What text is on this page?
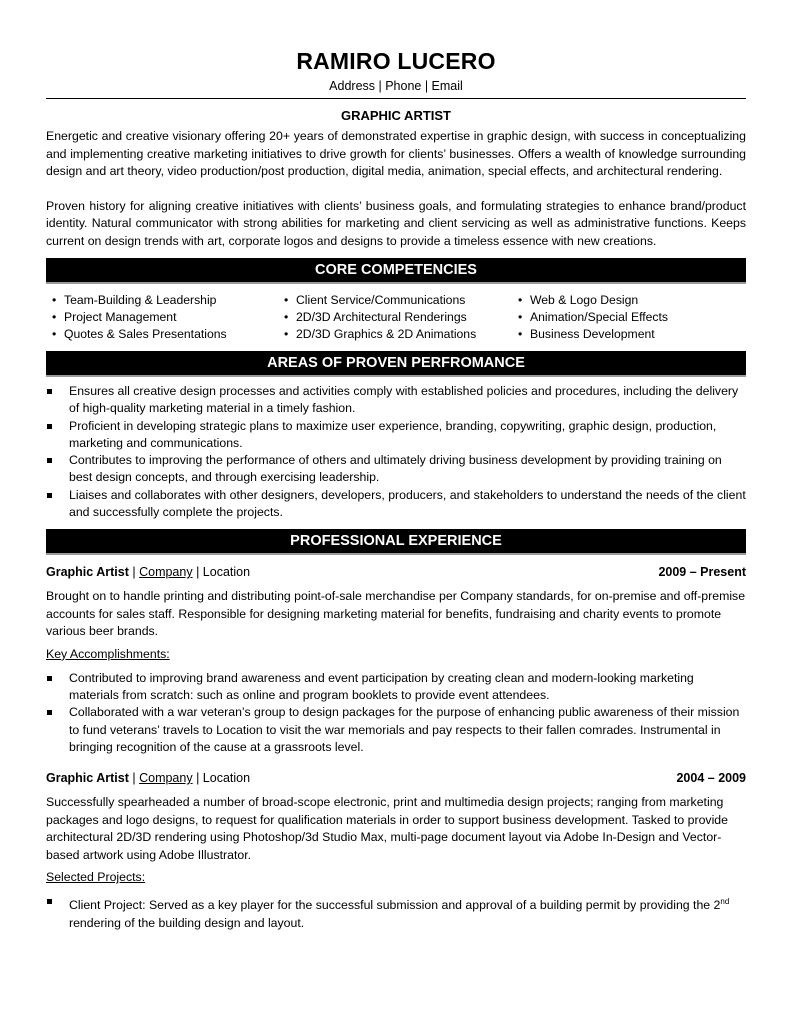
RAMIRO LUCERO
Address | Phone | Email
GRAPHIC ARTIST

Energetic and creative visionary offering 20+ years of demonstrated expertise in graphic design, with success in conceptualizing and implementing creative marketing initiatives to drive growth for clients’ businesses. Offers a wealth of knowledge surrounding design and art theory, video production/post production, digital media, animation, special effects, and architectural rendering.

Proven history for aligning creative initiatives with clients’ business goals, and formulating strategies to enhance brand/product identity. Natural communicator with strong abilities for marketing and client servicing as well as administrative functions. Keeps current on design trends with art, corporate logos and designs to provide a timeless essence with new creations.

CORE COMPETENCIES
• Team-Building & Leadership
• Project Management
• Quotes & Sales Presentations
• Client Service/Communications
• 2D/3D Architectural Renderings
• 2D/3D Graphics & 2D Animations
• Web & Logo Design
• Animation/Special Effects
• Business Development
AREAS OF PROVEN PERFROMANCE
Ensures all creative design processes and activities comply with established policies and procedures, including the delivery of high-quality marketing material in a timely fashion.
Proficient in developing strategic plans to maximize user experience, branding, copywriting, graphic design, production, marketing and communications.
Contributes to improving the performance of others and ultimately driving business development by providing training on best design concepts, and through exercising leadership.
Liaises and collaborates with other designers, developers, producers, and stakeholders to understand the needs of the client and successfully complete the projects.
PROFESSIONAL EXPERIENCE
Graphic Artist | Company | Location	2009 – Present
Brought on to handle printing and distributing point-of-sale merchandise per Company standards, for on-premise and off-premise accounts for sales staff. Responsible for designing marketing material for benefits, fundraising and charity events to promote various beer brands.
Key Accomplishments:
Contributed to improving brand awareness and event participation by creating clean and modern-looking marketing materials from scratch: such as online and program booklets to provide event attendees.
Collaborated with a war veteran’s group to design packages for the purpose of enhancing public awareness of their mission to fund veterans’ travels to Location to visit the war memorials and pay respects to their fallen comrades. Instrumental in bringing recognition of the cause at a grassroots level.
Graphic Artist | Company | Location	2004 – 2009
Successfully spearheaded a number of broad-scope electronic, print and multimedia design projects; ranging from marketing packages and logo designs, to request for qualification materials in order to support business development. Tasked to provide architectural 2D/3D rendering using Photoshop/3d Studio Max, multi-page document layout via Adobe In-Design and Vector-based artwork using Adobe Illustrator.
Selected Projects:
Client Project: Served as a key player for the successful submission and approval of a building permit by providing the 2nd rendering of the building design and layout.
